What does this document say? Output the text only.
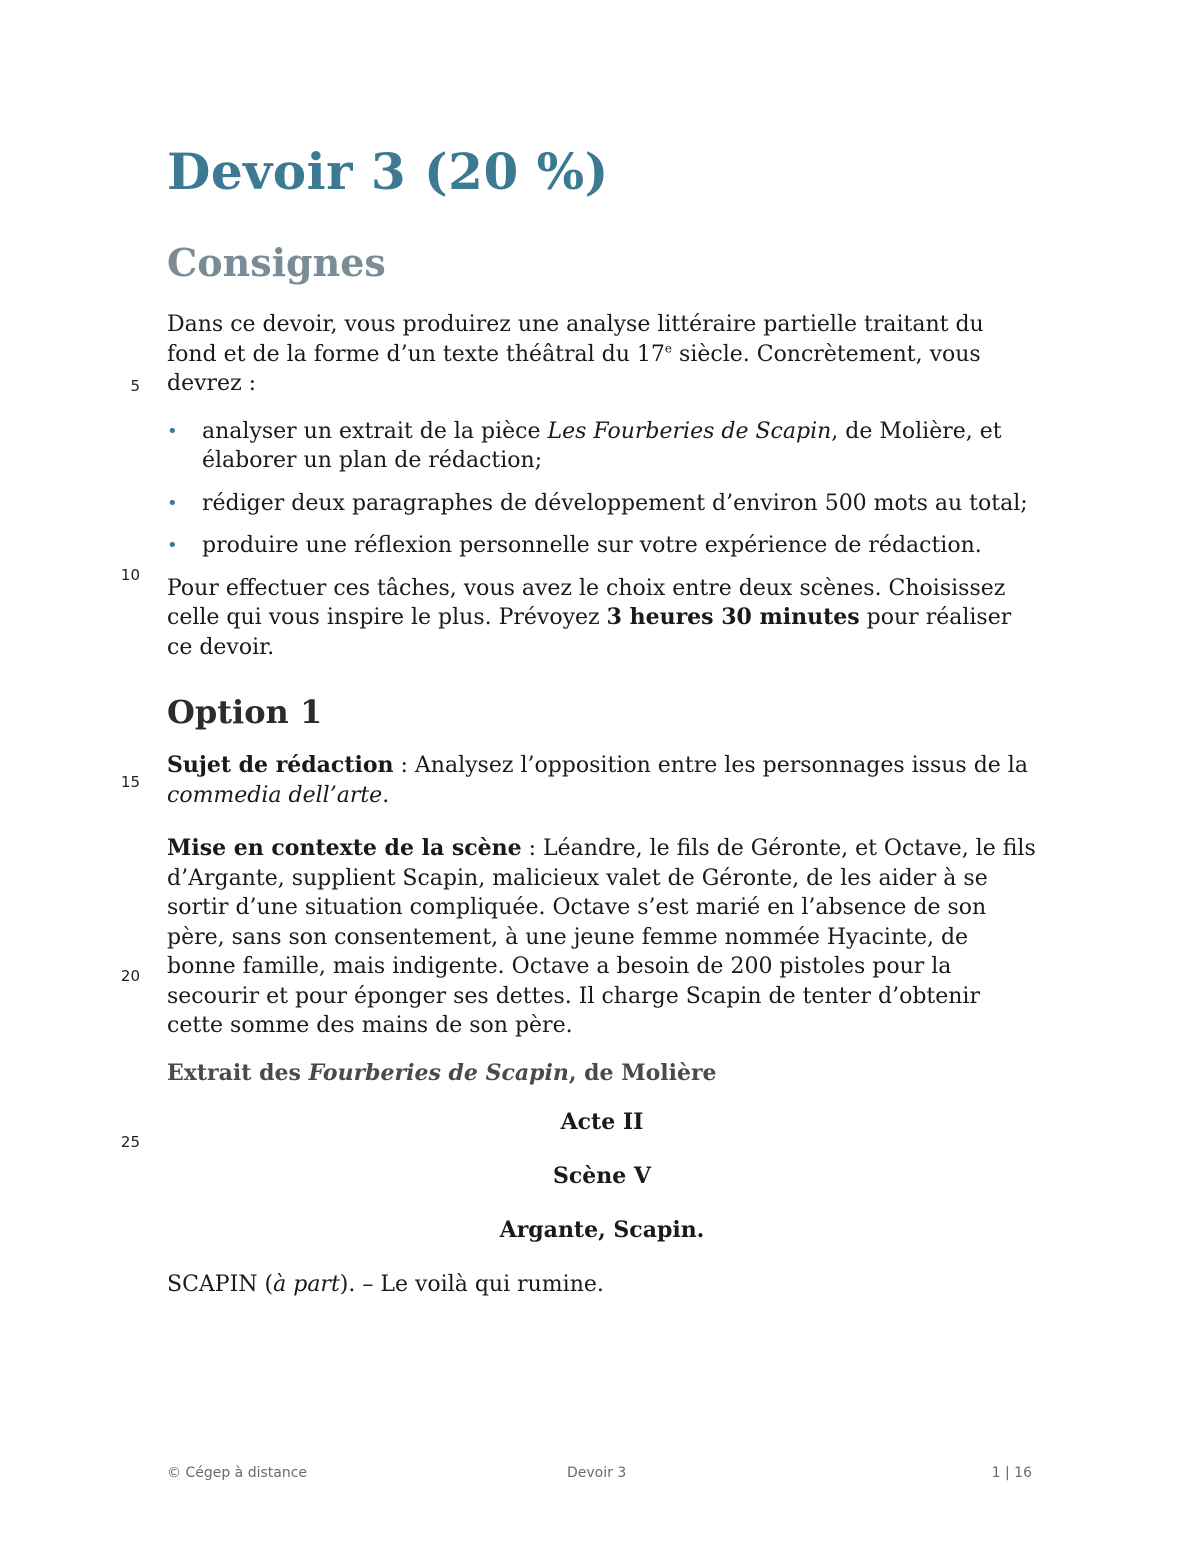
5
10
15
20
25
Devoir 3 (20 %)
Consignes

Dans ce devoir, vous produirez une analyse littéraire partielle traitant du fond et de la forme d’un texte théâtral du 17e siècle. Concrètement, vous devrez :

• analyser un extrait de la pièce Les Fourberies de Scapin, de Molière, et élaborer un plan de rédaction;
• rédiger deux paragraphes de développement d’environ 500 mots au total;
• produire une réflexion personnelle sur votre expérience de rédaction.

Pour effectuer ces tâches, vous avez le choix entre deux scènes. Choisissez celle qui vous inspire le plus. Prévoyez 3 heures 30 minutes pour réaliser ce devoir.

Option 1

Sujet de rédaction : Analysez l’opposition entre les personnages issus de la commedia dell’arte.

Mise en contexte de la scène : Léandre, le fils de Géronte, et Octave, le fils d’Argante, supplient Scapin, malicieux valet de Géronte, de les aider à se sortir d’une situation compliquée. Octave s’est marié en l’absence de son père, sans son consentement, à une jeune femme nommée Hyacinte, de bonne famille, mais indigente. Octave a besoin de 200 pistoles pour la secourir et pour éponger ses dettes. Il charge Scapin de tenter d’obtenir cette somme des mains de son père.

Extrait des Fourberies de Scapin, de Molière

Acte II

Scène V

Argante, Scapin.

SCAPIN (à part). – Le voilà qui rumine.

© Cégep à distance	Devoir 3	1 | 16
